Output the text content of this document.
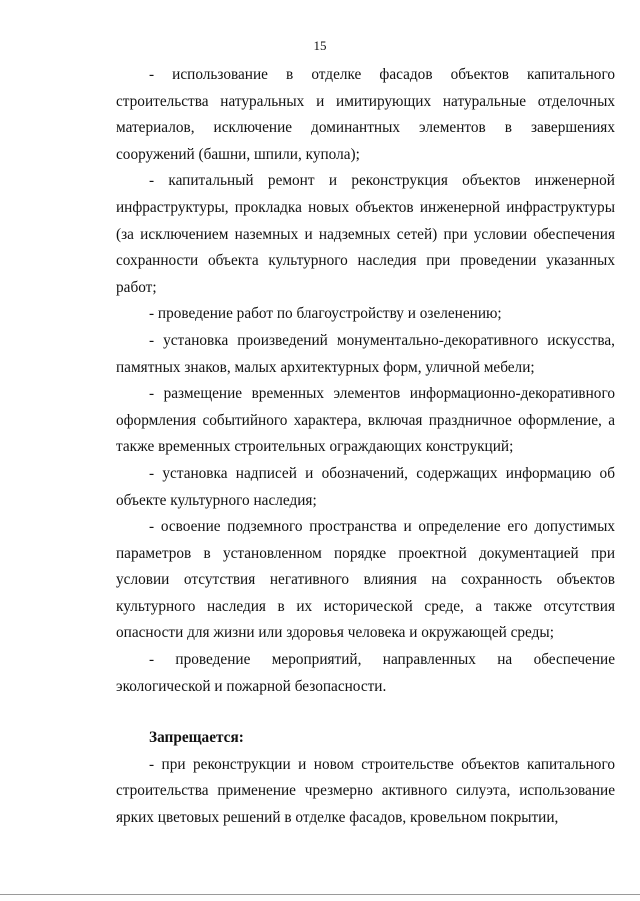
15

- использование в отделке фасадов объектов капитального строительства натуральных и имитирующих натуральные отделочных материалов, исключение доминантных элементов в завершениях сооружений (башни, шпили, купола);

- капитальный ремонт и реконструкция объектов инженерной инфраструктуры, прокладка новых объектов инженерной инфраструктуры (за исключением наземных и надземных сетей) при условии обеспечения сохранности объекта культурного наследия при проведении указанных работ;

- проведение работ по благоустройству и озеленению;

- установка произведений монументально-декоративного искусства, памятных знаков, малых архитектурных форм, уличной мебели;

- размещение временных элементов информационно-декоративного оформления событийного характера, включая праздничное оформление, а также временных строительных ограждающих конструкций;

- установка надписей и обозначений, содержащих информацию об объекте культурного наследия;

- освоение подземного пространства и определение его допустимых параметров в установленном порядке проектной документацией при условии отсутствия негативного влияния на сохранность объектов культурного наследия в их исторической среде, а также отсутствия опасности для жизни или здоровья человека и окружающей среды;

- проведение мероприятий, направленных на обеспечение экологической и пожарной безопасности.

Запрещается:

- при реконструкции и новом строительстве объектов капитального строительства применение чрезмерно активного силуэта, использование ярких цветовых решений в отделке фасадов, кровельном покрытии,
